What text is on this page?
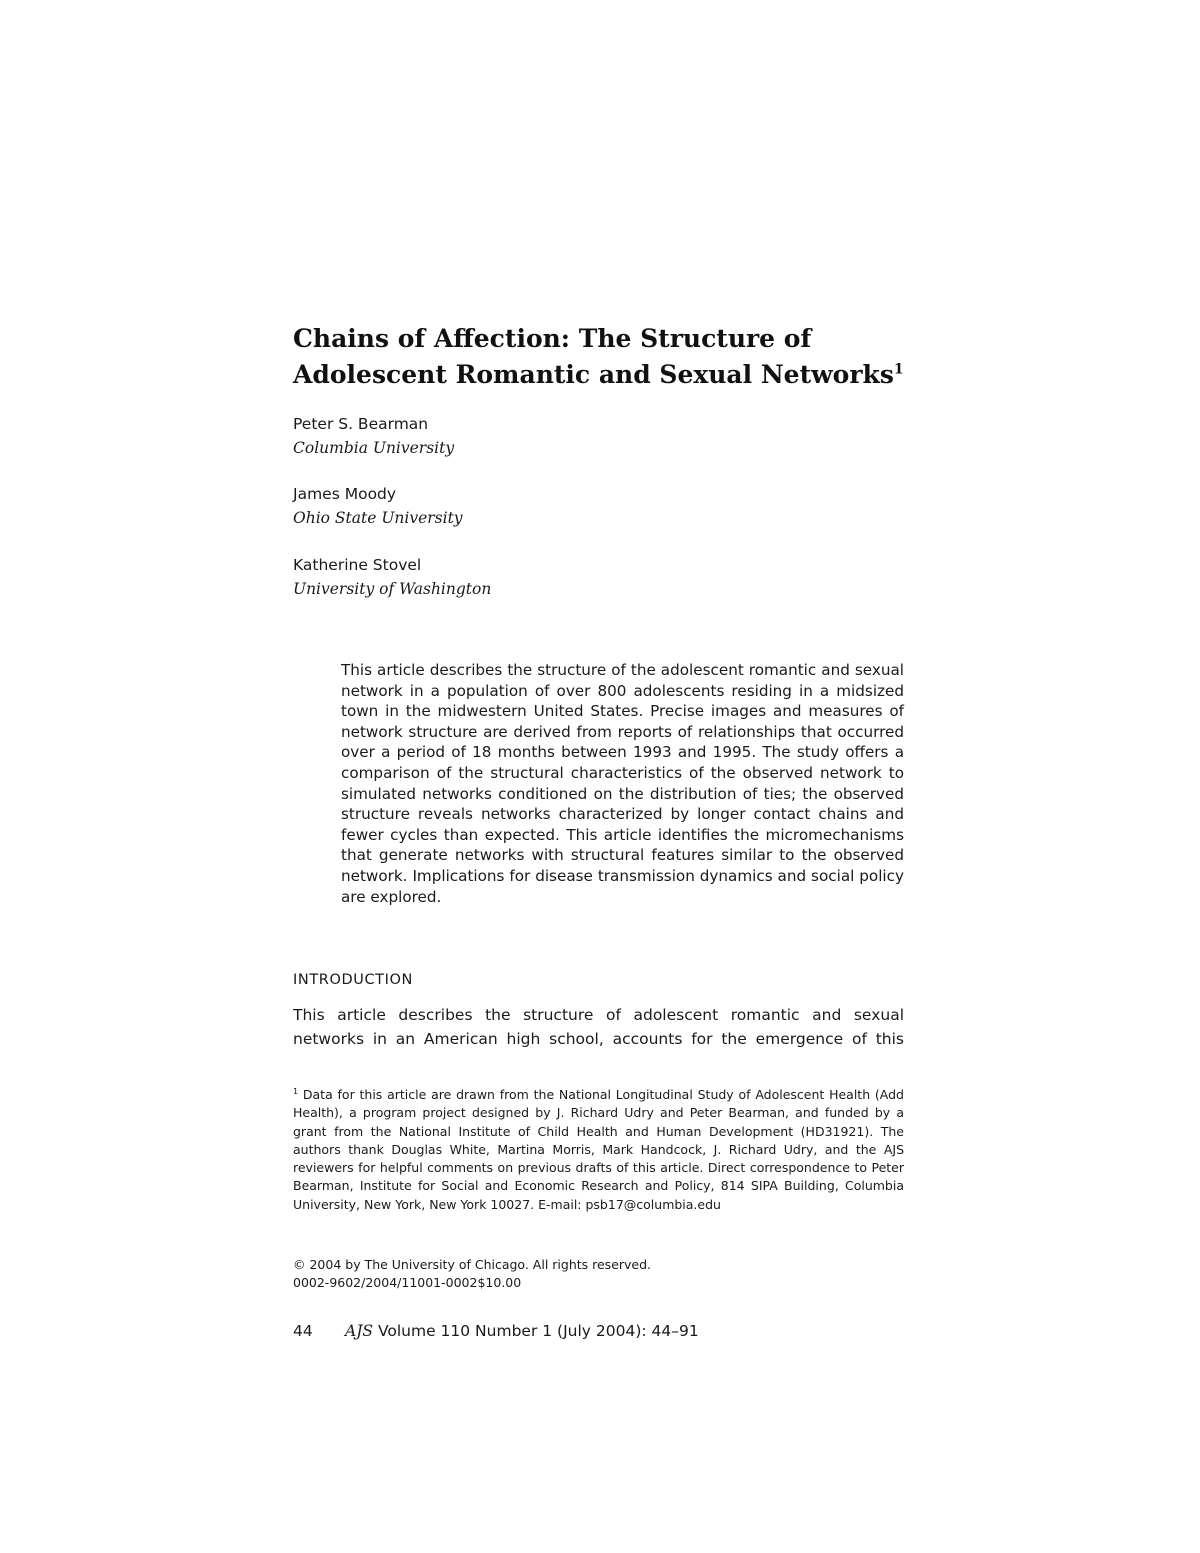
Chains of Affection: The Structure of
Adolescent Romantic and Sexual Networks$^1$
Peter S. Bearman
Columbia University
James Moody
Ohio State University
Katherine Stovel
University of Washington

This article describes the structure of the adolescent romantic and sexual network in a population of over 800 adolescents residing in a midsized town in the midwestern United States. Precise images and measures of network structure are derived from reports of relationships that occurred over a period of 18 months between 1993 and 1995. The study offers a comparison of the structural characteristics of the observed network to simulated networks conditioned on the distribution of ties; the observed structure reveals networks characterized by longer contact chains and fewer cycles than expected. This article identifies the micromechanisms that generate networks with structural features similar to the observed network. Implications for disease transmission dynamics and social policy are explored.

INTRODUCTION

This article describes the structure of adolescent romantic and sexual networks in an American high school, accounts for the emergence of this

$^1$ Data for this article are drawn from the National Longitudinal Study of Adolescent Health (Add Health), a program project designed by J. Richard Udry and Peter Bearman, and funded by a grant from the National Institute of Child Health and Human Development (HD31921). The authors thank Douglas White, Martina Morris, Mark Handcock, J. Richard Udry, and the AJS reviewers for helpful comments on previous drafts of this article. Direct correspondence to Peter Bearman, Institute for Social and Economic Research and Policy, 814 SIPA Building, Columbia University, New York, New York 10027. E-mail: psb17@columbia.edu

© 2004 by The University of Chicago. All rights reserved.
0002-9602/2004/11001-0002$10.00
44 AJS Volume 110 Number 1 (July 2004): 44–91
